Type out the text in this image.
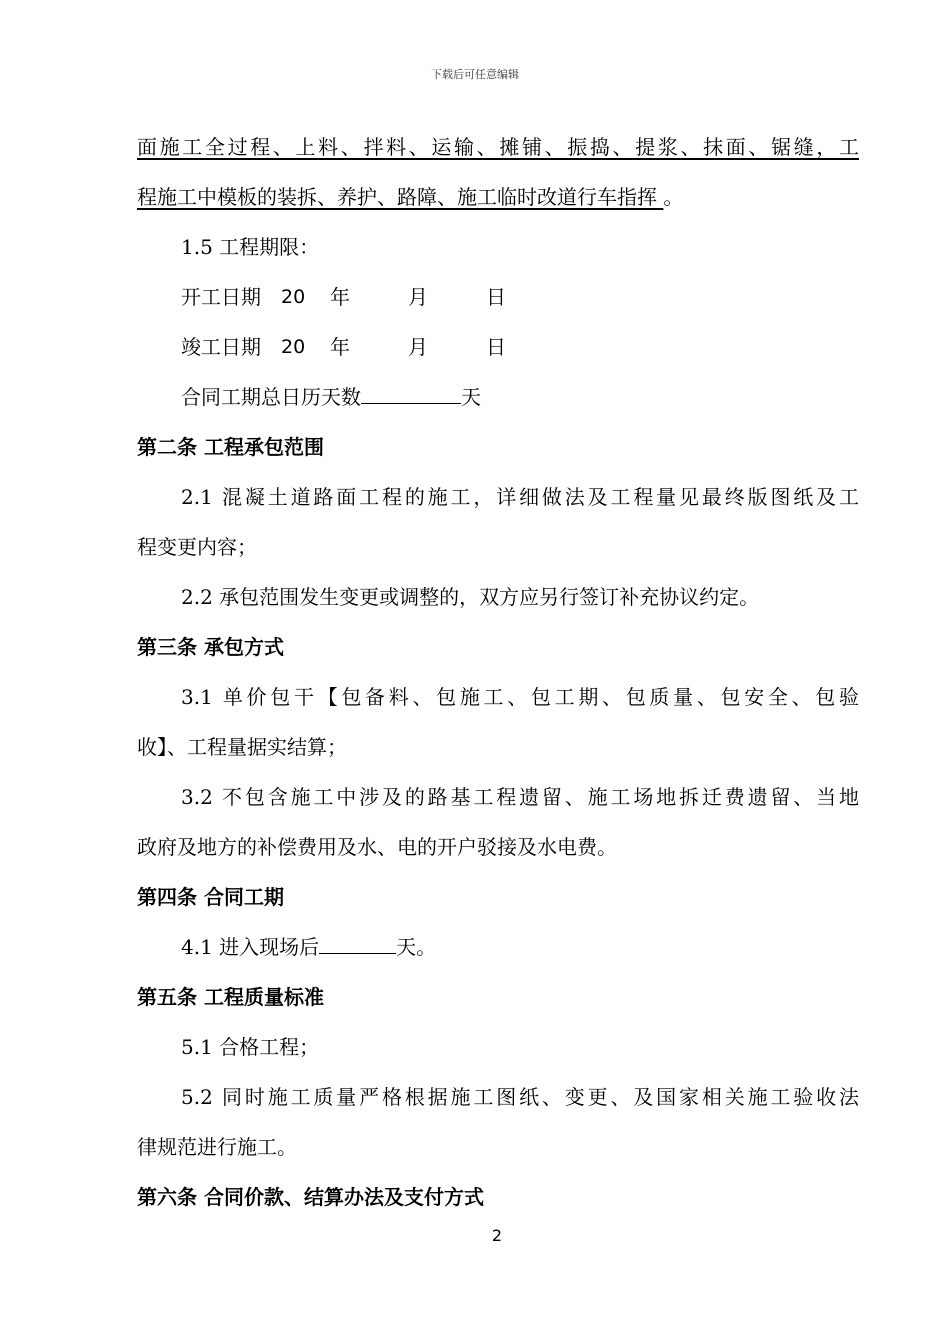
下载后可任意编辑
面施工全过程、上料、拌料、运输、摊铺、振捣、提浆、抹面、锯缝，工
程施工中模板的装拆、养护、路障、施工临时改道行车指挥 。
1.5 工程期限：
开工日期 20 年	月	日
竣工日期 20 年	月	日
合同工期总日历天数	天
第二条 工程承包范围
2.1 混凝土道路面工程的施工，详细做法及工程量见最终版图纸及工
程变更内容；
2.2 承包范围发生变更或调整的，双方应另行签订补充协议约定。
第三条 承包方式
3.1 单价包干【包备料、包施工、包工期、包质量、包安全、包验
收】、工程量据实结算；
3.2 不包含施工中涉及的路基工程遗留、施工场地拆迁费遗留、当地
政府及地方的补偿费用及水、电的开户驳接及水电费。
第四条 合同工期
4.1 进入现场后	天。
第五条 工程质量标准
5.1 合格工程；
5.2 同时施工质量严格根据施工图纸、变更、及国家相关施工验收法
律规范进行施工。
第六条 合同价款、结算办法及支付方式
2
